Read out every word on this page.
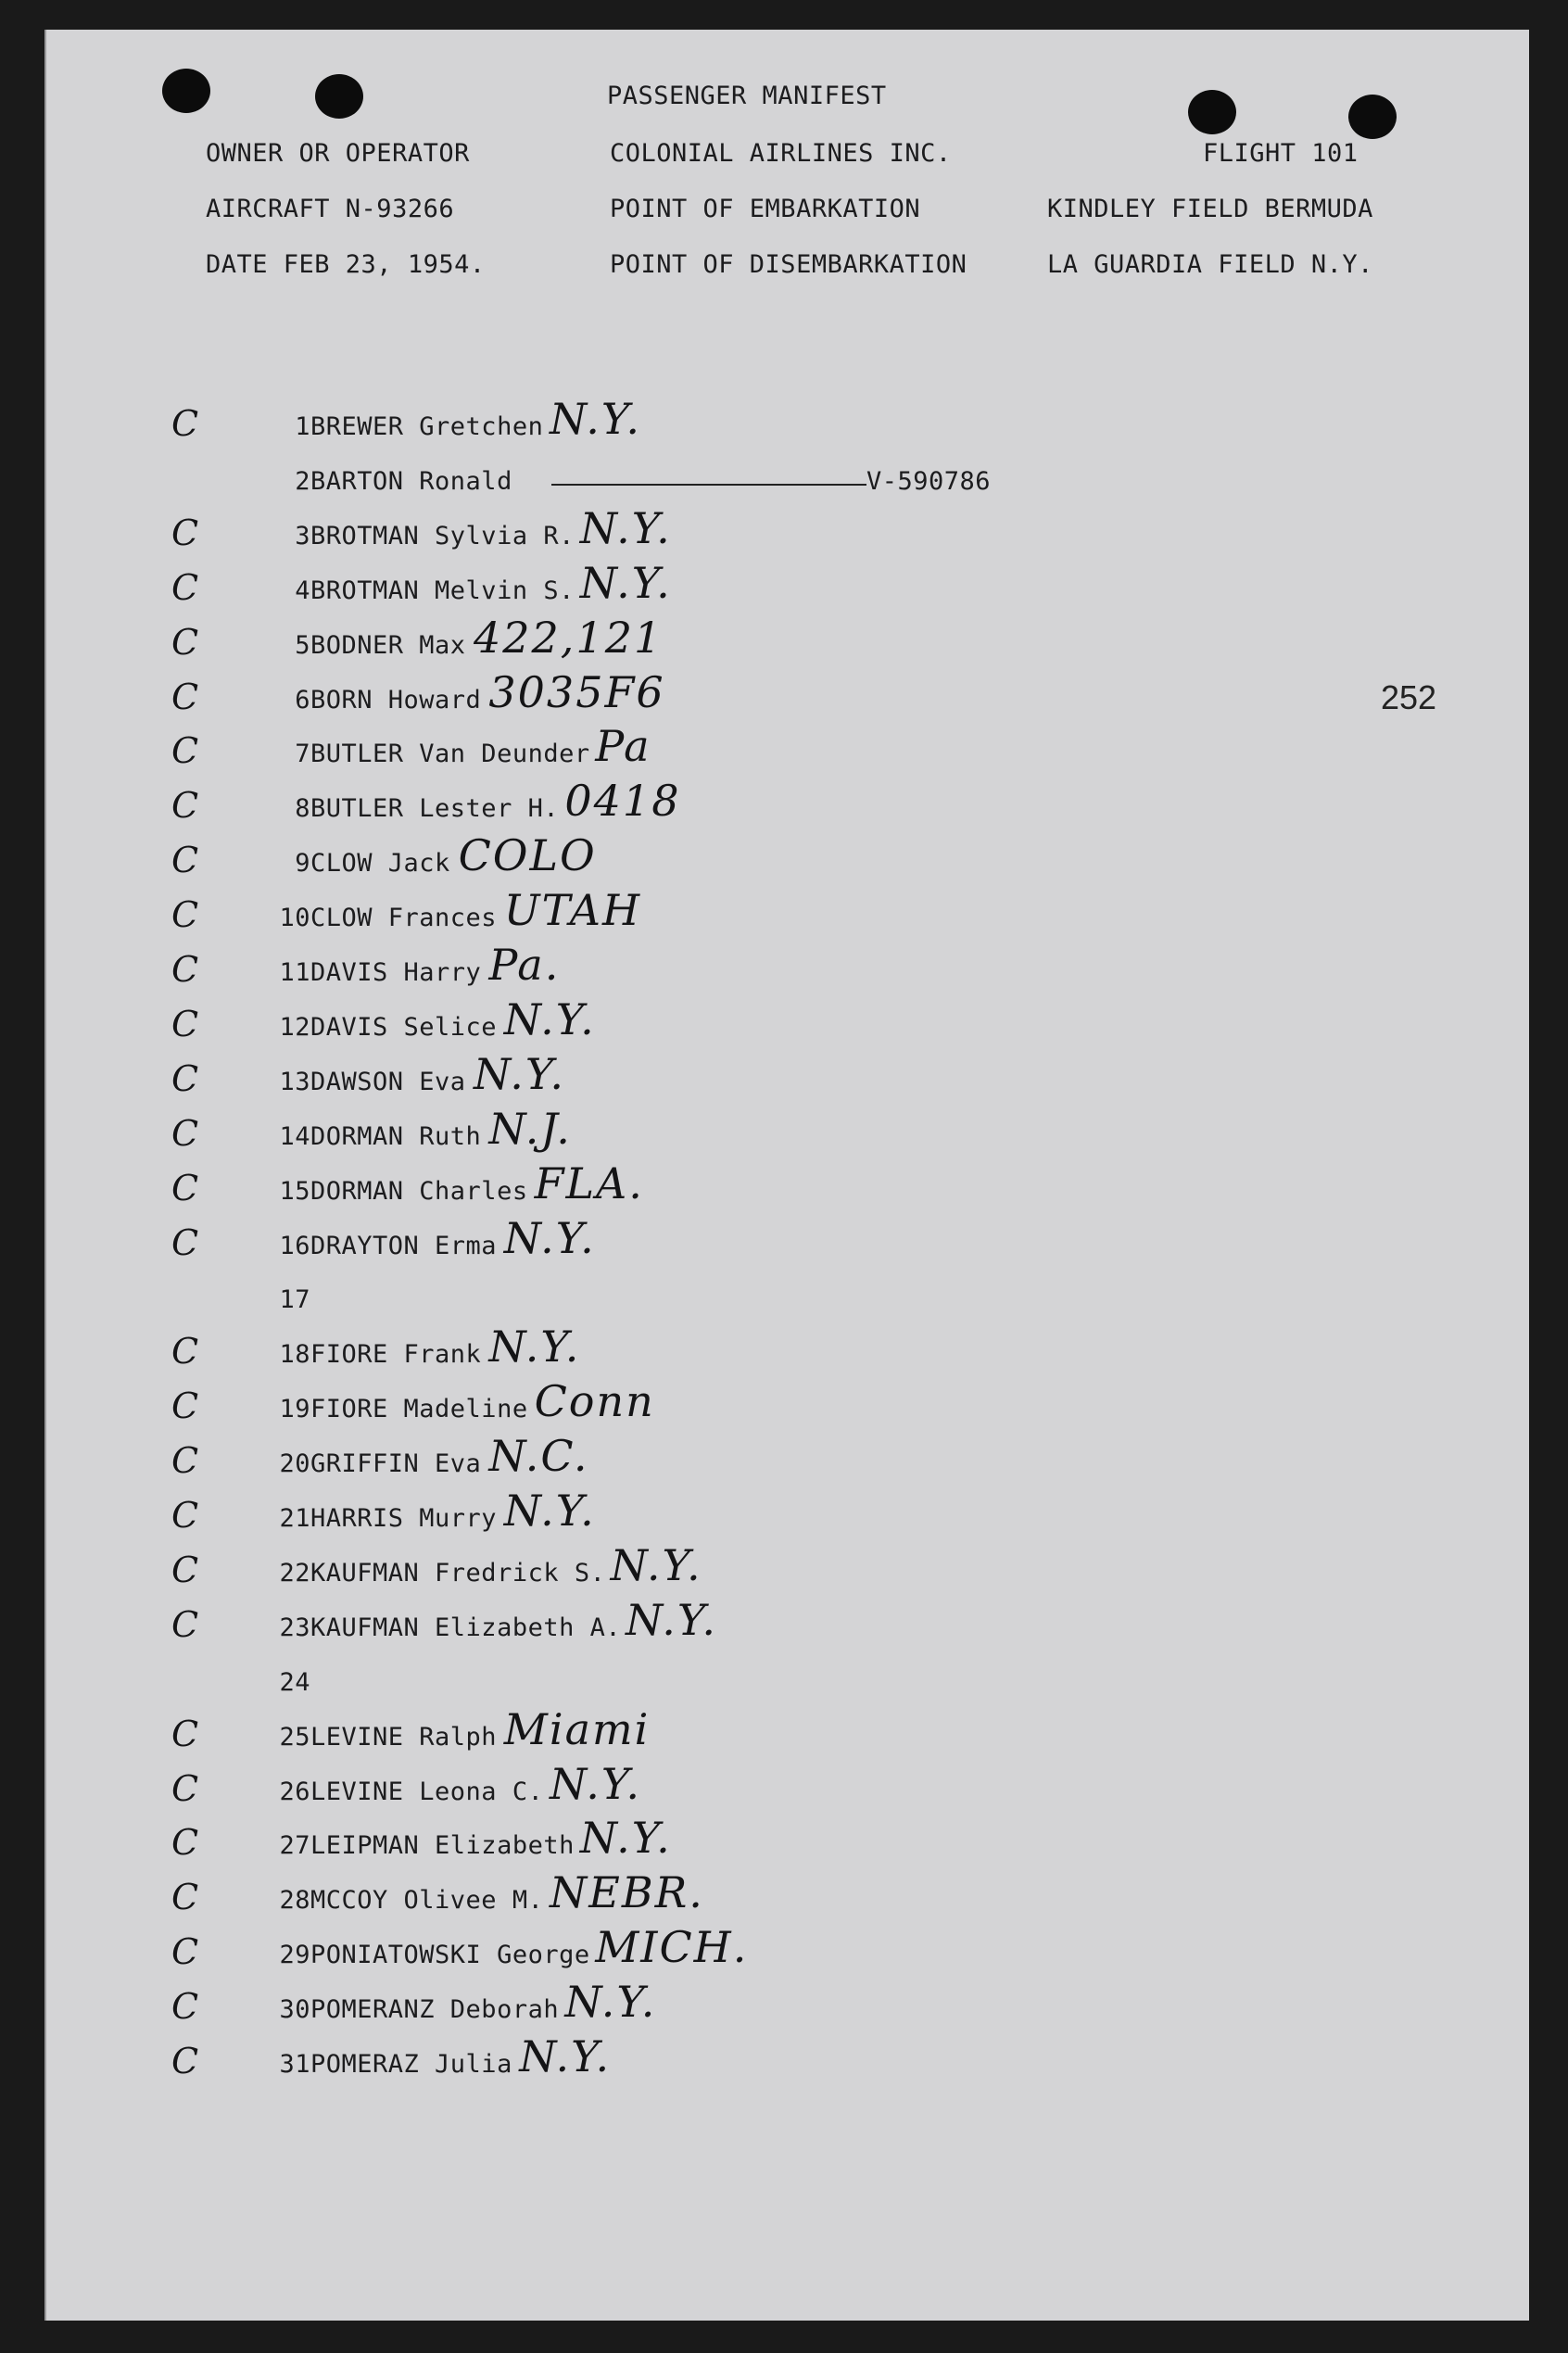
PASSENGER MANIFEST
OWNER OR OPERATOR	COLONIAL AIRLINES INC.	FLIGHT 101
AIRCRAFT N-93266	POINT OF EMBARKATION	KINDLEY FIELD BERMUDA
DATE FEB 23, 1954.	POINT OF DISEMBARKATION	LA GUARDIA FIELD N.Y.
252
C	1 BREWER Gretchen N.Y.
2 BARTON Ronald	V-590786
C	3 BROTMAN Sylvia R. N.Y.
C	4 BROTMAN Melvin S. N.Y.
C	5 BODNER Max 422,121
C	6 BORN Howard 3035F6
C	7 BUTLER Van Deunder Pa
C	8 BUTLER Lester H. 0418
C	9 CLOW Jack COLO
C	10 CLOW Frances UTAH
C	11 DAVIS Harry Pa.
C	12 DAVIS Selice N.Y.
C	13 DAWSON Eva N.Y.
C	14 DORMAN Ruth N.J.
C	15 DORMAN Charles FLA.
C	16 DRAYTON Erma N.Y.
17
C	18 FIORE Frank N.Y.
C	19 FIORE Madeline Conn
C	20 GRIFFIN Eva N.C.
C	21 HARRIS Murry N.Y.
C	22 KAUFMAN Fredrick S. N.Y.
C	23 KAUFMAN Elizabeth A. N.Y.
24
C	25 LEVINE Ralph Miami
C	26 LEVINE Leona C. N.Y.
C	27 LEIPMAN Elizabeth N.Y.
C	28 MCCOY Olivee M. NEBR.
C	29 PONIATOWSKI George MICH.
C	30 POMERANZ Deborah N.Y.
C	31 POMERAZ Julia N.Y.
